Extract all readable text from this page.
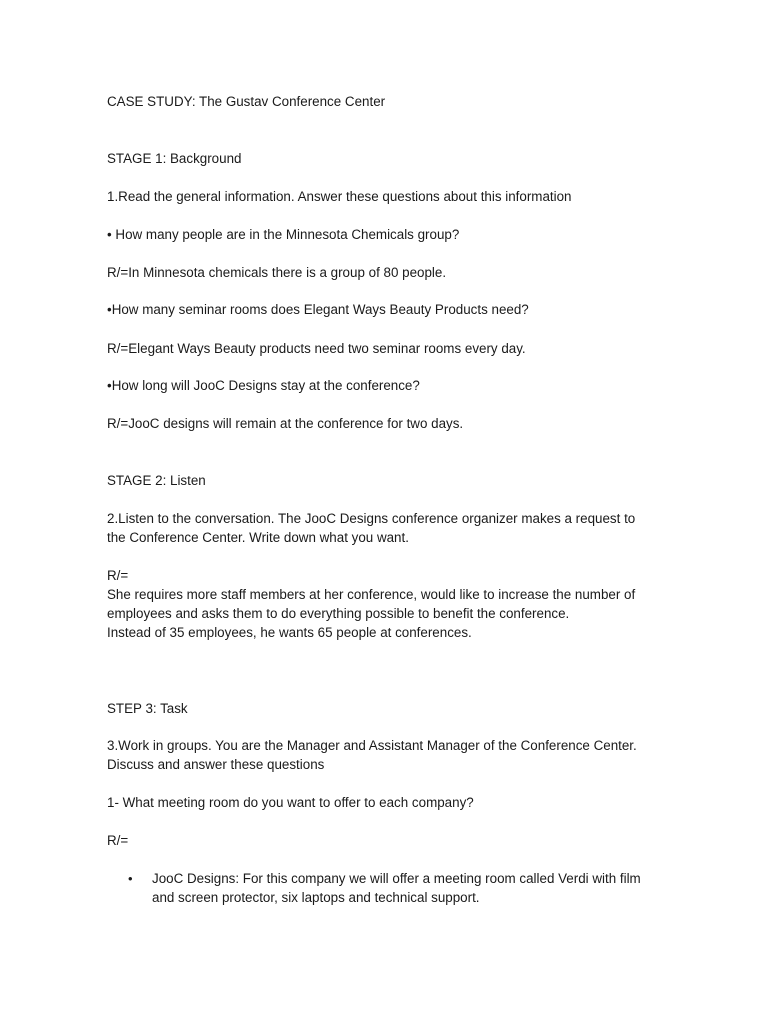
CASE STUDY: The Gustav Conference Center
STAGE 1: Background
1.Read the general information. Answer these questions about this information
• How many people are in the Minnesota Chemicals group?
R/=In Minnesota chemicals there is a group of 80 people.
•How many seminar rooms does Elegant Ways Beauty Products need?
R/=Elegant Ways Beauty products need two seminar rooms every day.
•How long will JooC Designs stay at the conference?
R/=JooC designs will remain at the conference for two days.
STAGE 2: Listen
2.Listen to the conversation. The JooC Designs conference organizer makes a request to
the Conference Center. Write down what you want.
R/=
She requires more staff members at her conference, would like to increase the number of
employees and asks them to do everything possible to benefit the conference.
Instead of 35 employees, he wants 65 people at conferences.
STEP 3: Task
3.Work in groups. You are the Manager and Assistant Manager of the Conference Center.
Discuss and answer these questions
1- What meeting room do you want to offer to each company?
R/=
•	JooC Designs: For this company we will offer a meeting room called Verdi with film
and screen protector, six laptops and technical support.
